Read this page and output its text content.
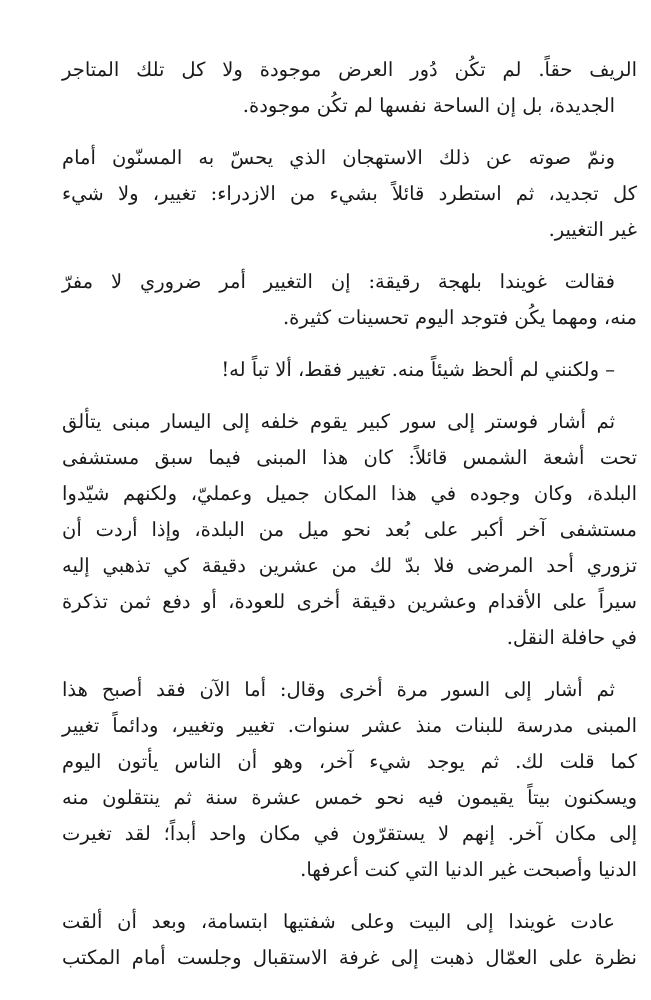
الريف حقاً. لم تكُن دُور العرض موجودة ولا كل تلك المتاجر
الجديدة، بل إن الساحة نفسها لم تكُن موجودة.

ونمّ صوته عن ذلك الاستهجان الذي يحسّ به المسنّون أمام
كل تجديد، ثم استطرد قائلاً بشيء من الازدراء: تغيير، ولا شيء
غير التغيير.

فقالت غويندا بلهجة رقيقة: إن التغيير أمر ضروري لا مفرّ
منه، ومهما يكُن فتوجد اليوم تحسينات كثيرة.

– ولكنني لم ألحظ شيئاً منه. تغيير فقط، ألا تباً له!

ثم أشار فوستر إلى سور كبير يقوم خلفه إلى اليسار مبنى يتألق
تحت أشعة الشمس قائلاً: كان هذا المبنى فيما سبق مستشفى
البلدة، وكان وجوده في هذا المكان جميل وعمليّ، ولكنهم شيّدوا
مستشفى آخر أكبر على بُعد نحو ميل من البلدة، وإذا أردت أن
تزوري أحد المرضى فلا بدّ لك من عشرين دقيقة كي تذهبي إليه
سيراً على الأقدام وعشرين دقيقة أخرى للعودة، أو دفع ثمن تذكرة
في حافلة النقل.

ثم أشار إلى السور مرة أخرى وقال: أما الآن فقد أصبح هذا
المبنى مدرسة للبنات منذ عشر سنوات. تغيير وتغيير، ودائماً تغيير
كما قلت لك. ثم يوجد شيء آخر، وهو أن الناس يأتون اليوم
ويسكنون بيتاً يقيمون فيه نحو خمس عشرة سنة ثم ينتقلون منه
إلى مكان آخر. إنهم لا يستقرّون في مكان واحد أبداً؛ لقد تغيرت
الدنيا وأصبحت غير الدنيا التي كنت أعرفها.

عادت غويندا إلى البيت وعلى شفتيها ابتسامة، وبعد أن ألقت
نظرة على العمّال ذهبت إلى غرفة الاستقبال وجلست أمام المكتب
